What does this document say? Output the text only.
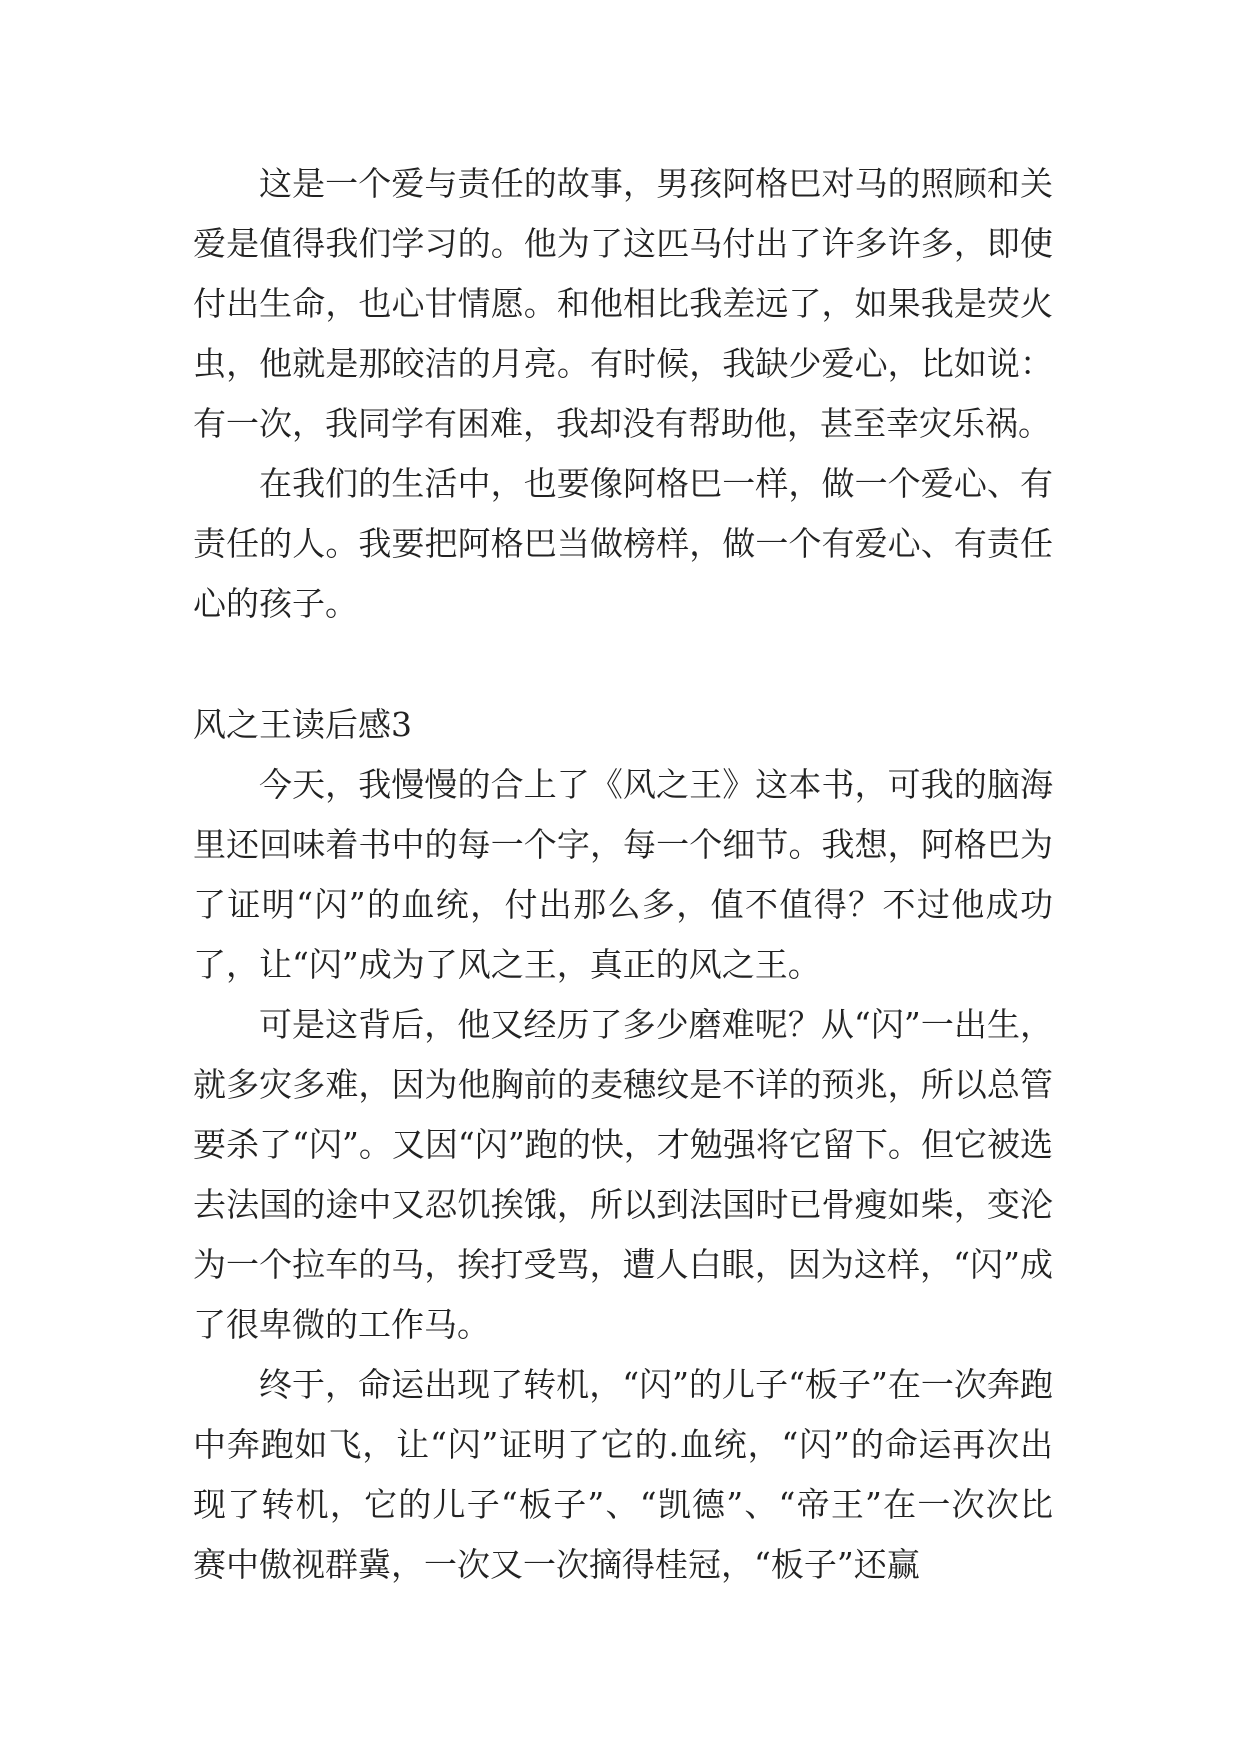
这是一个爱与责任的故事，男孩阿格巴对马的照顾和关爱是值得我们学习的。他为了这匹马付出了许多许多，即使付出生命，也心甘情愿。和他相比我差远了，如果我是荧火虫，他就是那皎洁的月亮。有时候，我缺少爱心，比如说：有一次，我同学有困难，我却没有帮助他，甚至幸灾乐祸。

在我们的生活中，也要像阿格巴一样，做一个爱心、有责任的人。我要把阿格巴当做榜样，做一个有爱心、有责任心的孩子。

风之王读后感3

今天，我慢慢的合上了《风之王》这本书，可我的脑海里还回味着书中的每一个字，每一个细节。我想，阿格巴为了证明“闪”的血统，付出那么多，值不值得？不过他成功了，让“闪”成为了风之王，真正的风之王。

可是这背后，他又经历了多少磨难呢？从“闪”一出生，就多灾多难，因为他胸前的麦穗纹是不详的预兆，所以总管要杀了“闪”。又因“闪”跑的快，才勉强将它留下。但它被选去法国的途中又忍饥挨饿，所以到法国时已骨瘦如柴，变沦为一个拉车的马，挨打受骂，遭人白眼，因为这样，“闪”成了很卑微的工作马。

终于，命运出现了转机，“闪”的儿子“板子”在一次奔跑中奔跑如飞，让“闪”证明了它的.血统，“闪”的命运再次出现了转机，它的儿子“板子”、“凯德”、“帝王”在一次次比赛中傲视群冀，一次又一次摘得桂冠，“板子”还赢
